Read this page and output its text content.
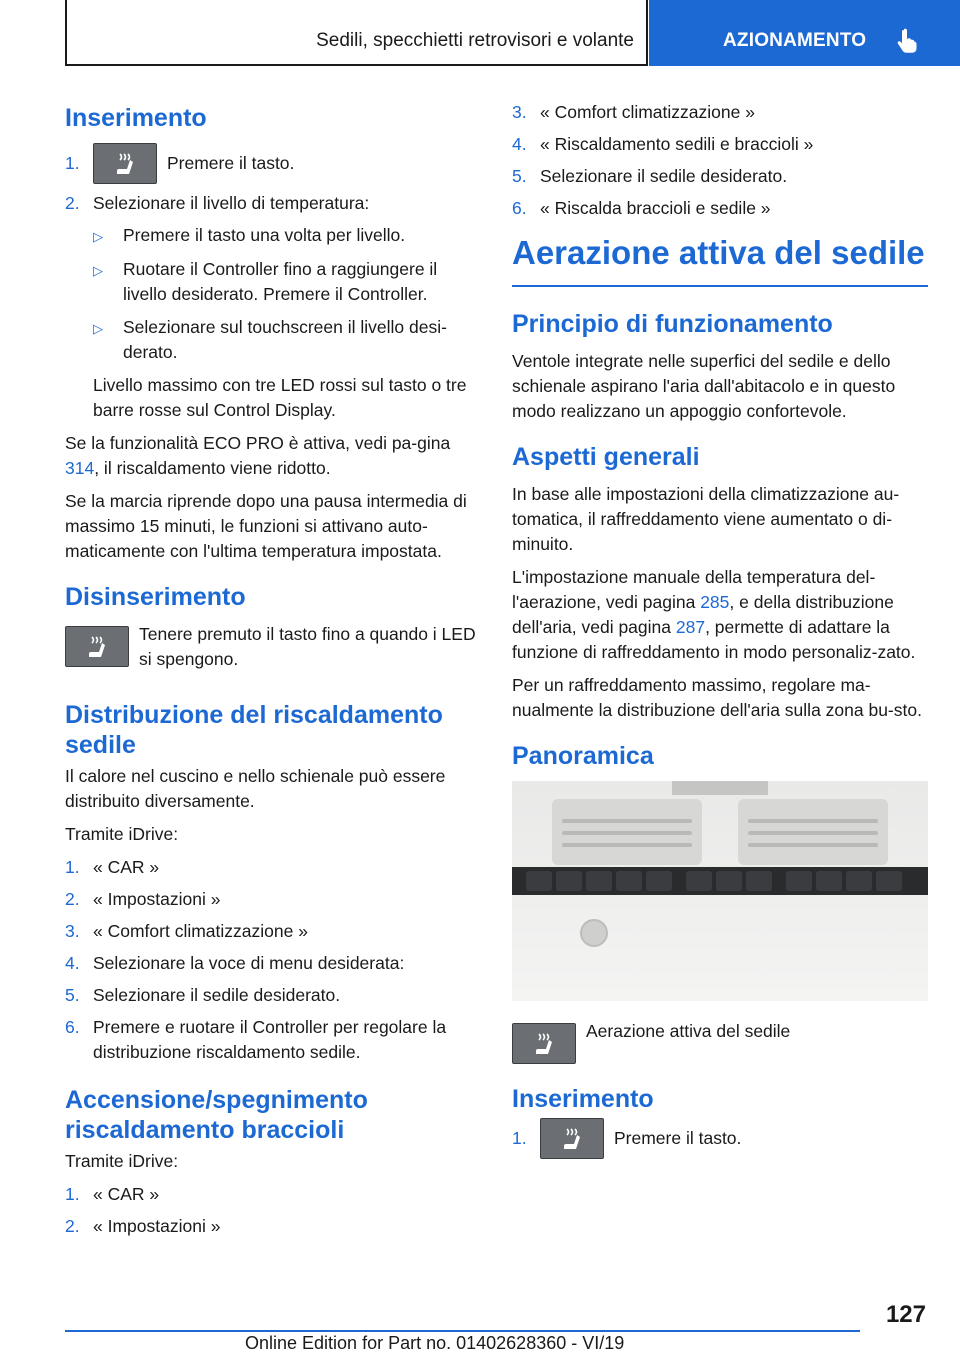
Sedili, specchietti retrovisori e volante	AZIONAMENTO
Inserimento
1.	Premere il tasto.
2. Selezionare il livello di temperatura:
▷	Premere il tasto una volta per livello.
▷	Ruotare il Controller fino a raggiungere il livello desiderato. Premere il Controller.
▷	Selezionare sul touchscreen il livello desi-derato.

Livello massimo con tre LED rossi sul tasto o tre barre rosse sul Control Display.

Se la funzionalità ECO PRO è attiva, vedi pa-gina 314, il riscaldamento viene ridotto.

Se la marcia riprende dopo una pausa intermedia di massimo 15 minuti, le funzioni si attivano auto-maticamente con l'ultima temperatura impostata.

Disinserimento

Tenere premuto il tasto fino a quando i LED si spengono.

Distribuzione del riscaldamento sedile

Il calore nel cuscino e nello schienale può essere distribuito diversamente.

Tramite iDrive:

1. « CAR »
2. « Impostazioni »
3. « Comfort climatizzazione »
4. Selezionare la voce di menu desiderata:
5. Selezionare il sedile desiderato.
6. Premere e ruotare il Controller per regolare la distribuzione riscaldamento sedile.
Accensione/spegnimento riscaldamento braccioli

Tramite iDrive:

1. « CAR »
2. « Impostazioni »
3. « Comfort climatizzazione »
4. « Riscaldamento sedili e braccioli »
5. Selezionare il sedile desiderato.
6. « Riscalda braccioli e sedile »
Aerazione attiva del sedile
Principio di funzionamento

Ventole integrate nelle superfici del sedile e dello schienale aspirano l'aria dall'abitacolo e in questo modo realizzano un appoggio confortevole.

Aspetti generali

In base alle impostazioni della climatizzazione au-tomatica, il raffreddamento viene aumentato o di-minuito.

L'impostazione manuale della temperatura del-l'aerazione, vedi pagina 285, e della distribuzione dell'aria, vedi pagina 287, permette di adattare la funzione di raffreddamento in modo personaliz-zato.

Per un raffreddamento massimo, regolare ma-nualmente la distribuzione dell'aria sulla zona bu-sto.

Panoramica

Aerazione attiva del sedile

Inserimento
1.	Premere il tasto.
127
Online Edition for Part no. 01402628360 - VI/19
